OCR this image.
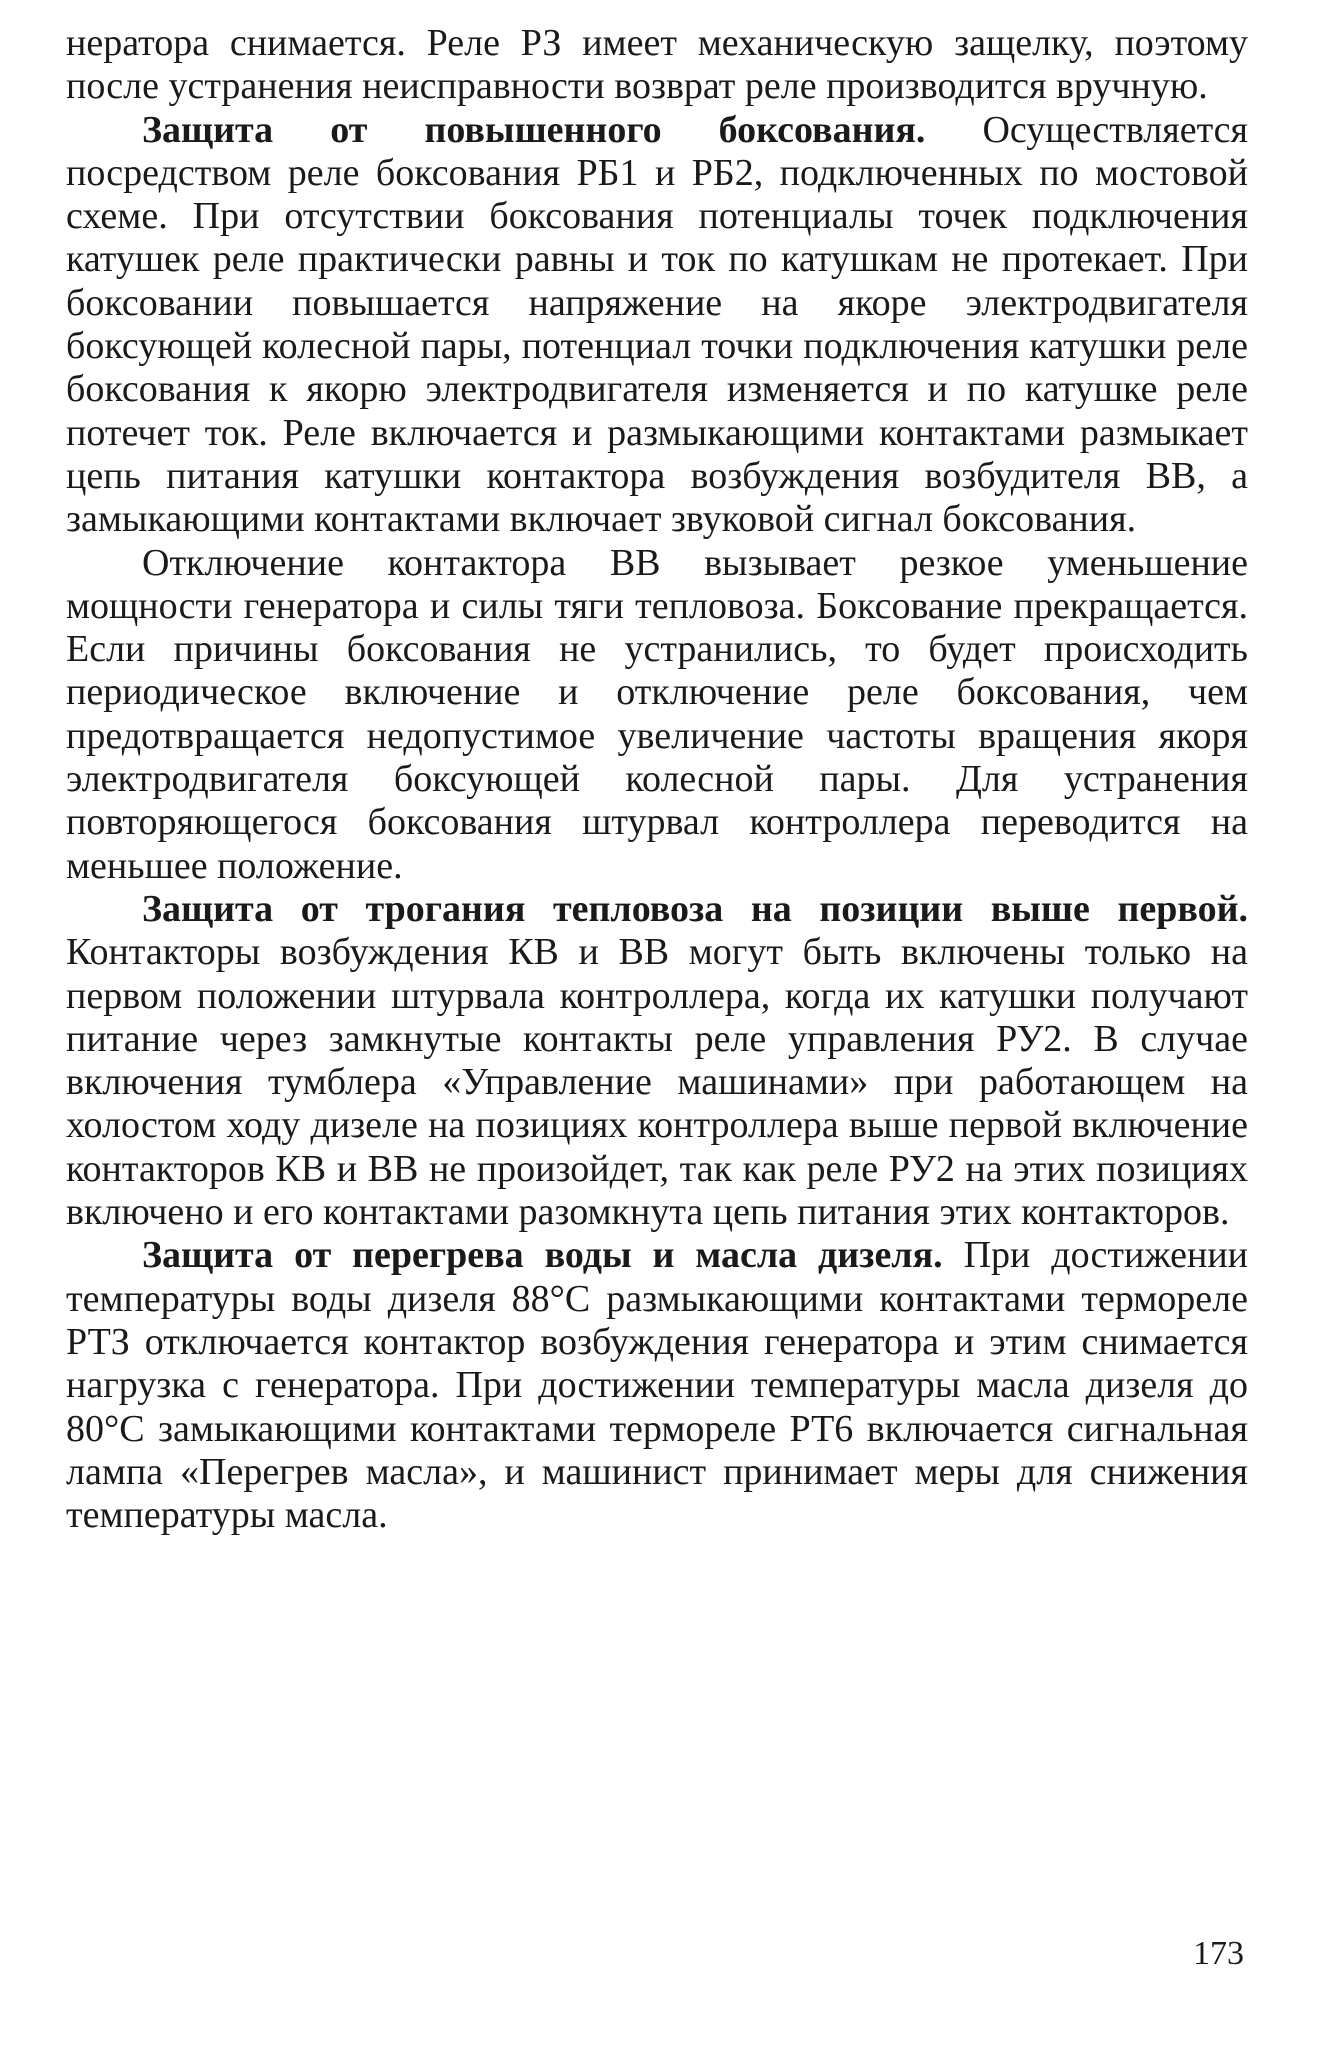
нератора снимается. Реле РЗ имеет механическую защелку, поэтому после устранения неисправности возврат реле производится вручную.

Защита от повышенного боксования. Осуществляется посредством реле боксования РБ1 и РБ2, подключенных по мостовой схеме. При отсутствии боксования потенциалы точек подключения катушек реле практически равны и ток по катушкам не протекает. При боксовании повышается напряжение на якоре электродвигателя боксующей колесной пары, потенциал точки подключения катушки реле боксования к якорю электродвигателя изменяется и по катушке реле потечет ток. Реле включается и размыкающими контактами размыкает цепь питания катушки контактора возбуждения возбудителя ВВ, а замыкающими контактами включает звуковой сигнал боксования.

Отключение контактора ВВ вызывает резкое уменьшение мощности генератора и силы тяги тепловоза. Боксование прекращается. Если причины боксования не устранились, то будет происходить периодическое включение и отключение реле боксования, чем предотвращается недопустимое увеличение частоты вращения якоря электродвигателя боксующей колесной пары. Для устранения повторяющегося боксования штурвал контроллера переводится на меньшее положение.

Защита от трогания тепловоза на позиции выше первой. Контакторы возбуждения КВ и ВВ могут быть включены только на первом положении штурвала контроллера, когда их катушки получают питание через замкнутые контакты реле управления РУ2. В случае включения тумблера «Управление машинами» при работающем на холостом ходу дизеле на позициях контроллера выше первой включение контакторов КВ и ВВ не произойдет, так как реле РУ2 на этих позициях включено и его контактами разомкнута цепь питания этих контакторов.

Защита от перегрева воды и масла дизеля. При достижении температуры воды дизеля 88°С размыкающими контактами термореле РТЗ отключается контактор возбуждения генератора и этим снимается нагрузка с генератора. При достижении температуры масла дизеля до 80°С замыкающими контактами термореле РТ6 включается сигнальная лампа «Перегрев масла», и машинист принимает меры для снижения температуры масла.

173
